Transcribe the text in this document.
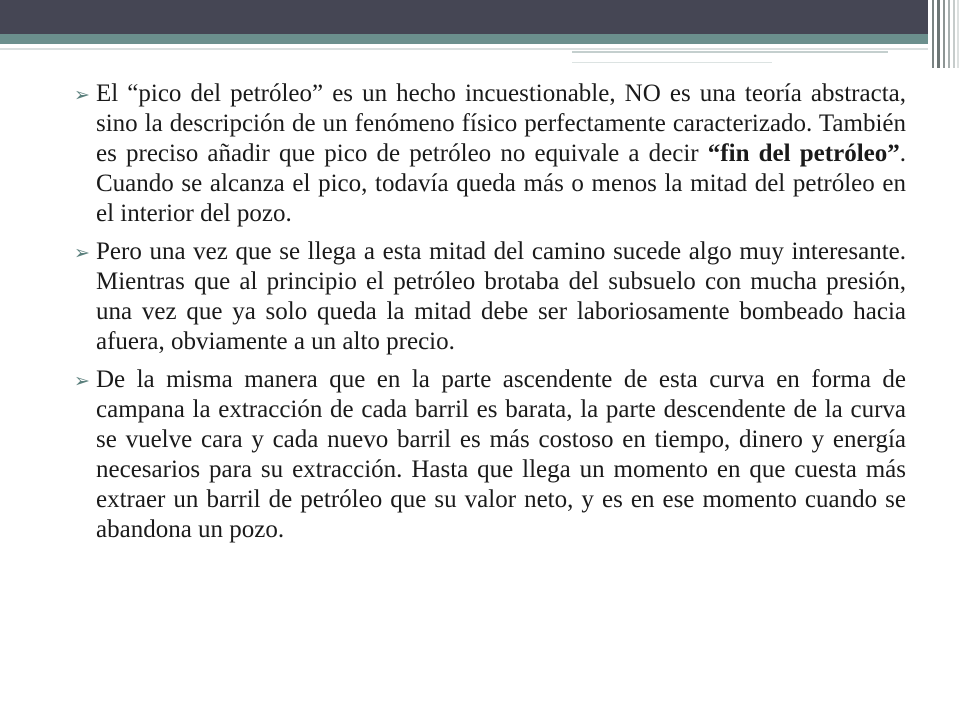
➢ El “pico del petróleo” es un hecho incuestionable, NO es una teoría abstracta, sino la descripción de un fenómeno físico perfectamente caracterizado. También es preciso añadir que pico de petróleo no equivale a decir “fin del petróleo”. Cuando se alcanza el pico, todavía queda más o menos la mitad del petróleo en el interior del pozo.
➢ Pero una vez que se llega a esta mitad del camino sucede algo muy interesante. Mientras que al principio el petróleo brotaba del subsuelo con mucha presión, una vez que ya solo queda la mitad debe ser laboriosamente bombeado hacia afuera, obviamente a un alto precio.
➢ De la misma manera que en la parte ascendente de esta curva en forma de campana la extracción de cada barril es barata, la parte descendente de la curva se vuelve cara y cada nuevo barril es más costoso en tiempo, dinero y energía necesarios para su extracción. Hasta que llega un momento en que cuesta más extraer un barril de petróleo que su valor neto, y es en ese momento cuando se abandona un pozo.
